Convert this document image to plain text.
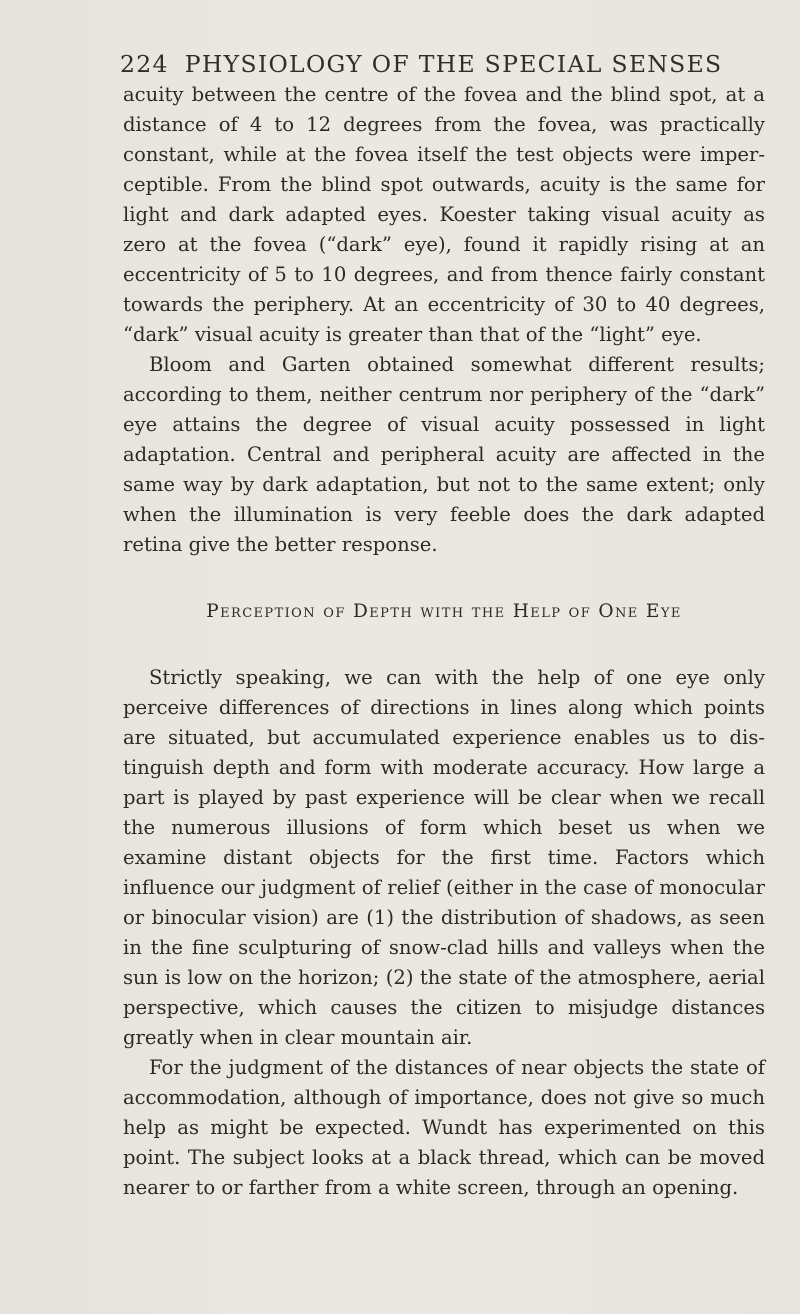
224 PHYSIOLOGY OF THE SPECIAL SENSES

acuity between the centre of the fovea and the blind spot, at a distance of 4 to 12 degrees from the fovea, was practically constant, while at the fovea itself the test objects were imperceptible. From the blind spot outwards, acuity is the same for light and dark adapted eyes. Koester taking visual acuity as zero at the fovea (“dark” eye), found it rapidly rising at an eccentricity of 5 to 10 degrees, and from thence fairly constant towards the periphery. At an eccentricity of 30 to 40 degrees, “dark” visual acuity is greater than that of the “light” eye.

Bloom and Garten obtained somewhat different results; according to them, neither centrum nor periphery of the “dark” eye attains the degree of visual acuity possessed in light adaptation. Central and peripheral acuity are affected in the same way by dark adaptation, but not to the same extent; only when the illumination is very feeble does the dark adapted retina give the better response.

Perception of Depth with the Help of One Eye

Strictly speaking, we can with the help of one eye only perceive differences of directions in lines along which points are situated, but accumulated experience enables us to distinguish depth and form with moderate accuracy. How large a part is played by past experience will be clear when we recall the numerous illusions of form which beset us when we examine distant objects for the first time. Factors which influence our judgment of relief (either in the case of monocular or binocular vision) are (1) the distribution of shadows, as seen in the fine sculpturing of snow-clad hills and valleys when the sun is low on the horizon; (2) the state of the atmosphere, aerial perspective, which causes the citizen to misjudge distances greatly when in clear mountain air.

For the judgment of the distances of near objects the state of accommodation, although of importance, does not give so much help as might be expected. Wundt has experimented on this point. The subject looks at a black thread, which can be moved nearer to or farther from a white screen, through an opening.
